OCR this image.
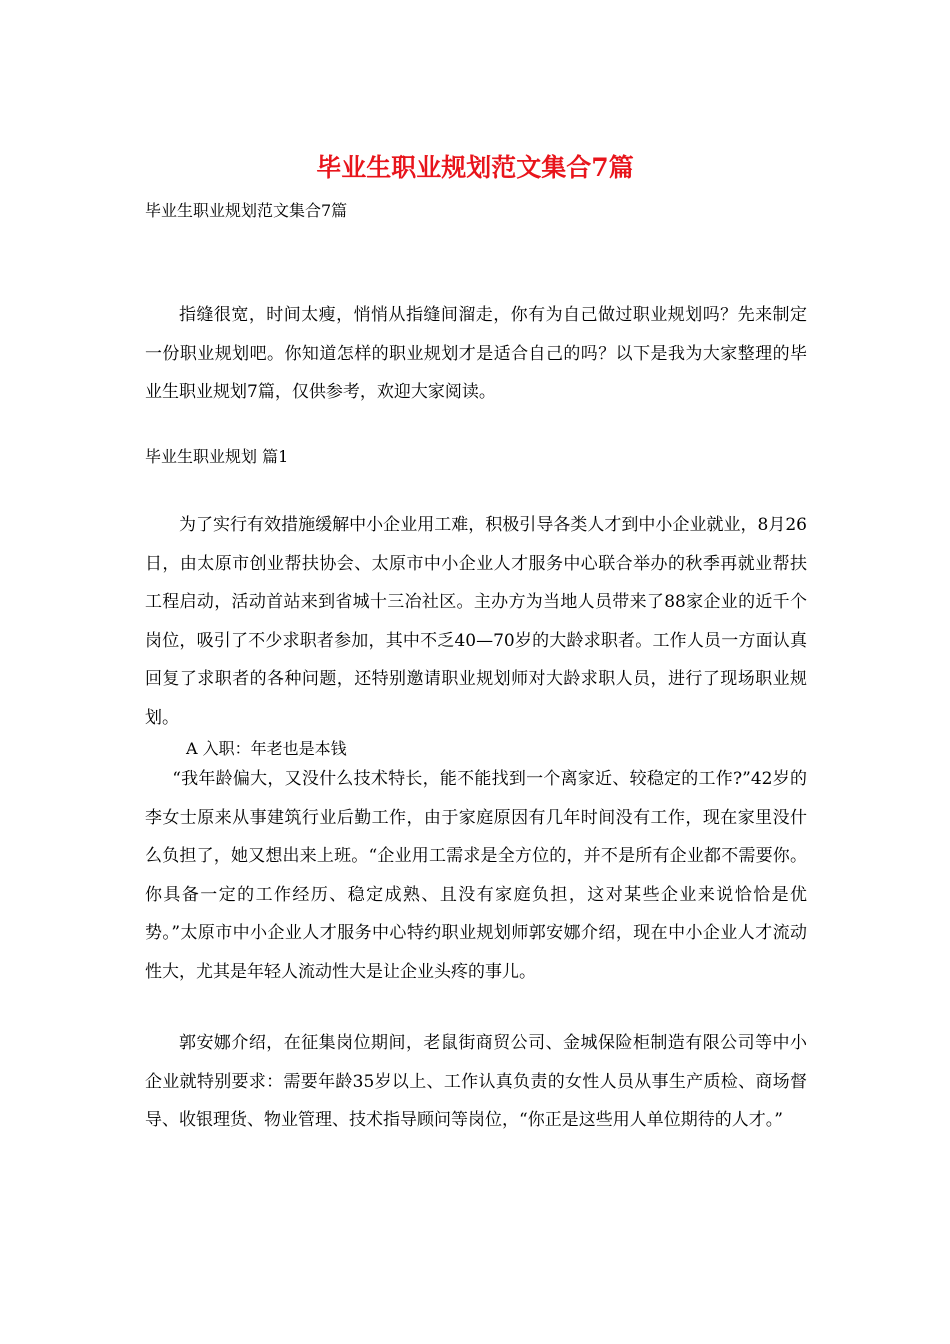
毕业生职业规划范文集合7篇

毕业生职业规划范文集合7篇

指缝很宽，时间太瘦，悄悄从指缝间溜走，你有为自己做过职业规划吗？先来制定一份职业规划吧。你知道怎样的职业规划才是适合自己的吗？以下是我为大家整理的毕业生职业规划7篇，仅供参考，欢迎大家阅读。

毕业生职业规划 篇1

为了实行有效措施缓解中小企业用工难，积极引导各类人才到中小企业就业，8月26日，由太原市创业帮扶协会、太原市中小企业人才服务中心联合举办的秋季再就业帮扶工程启动，活动首站来到省城十三冶社区。主办方为当地人员带来了88家企业的近千个岗位，吸引了不少求职者参加，其中不乏40—70岁的大龄求职者。工作人员一方面认真回复了求职者的各种问题，还特别邀请职业规划师对大龄求职人员，进行了现场职业规划。

A 入职：年老也是本钱

“我年龄偏大，又没什么技术特长，能不能找到一个离家近、较稳定的工作?”42岁的李女士原来从事建筑行业后勤工作，由于家庭原因有几年时间没有工作，现在家里没什么负担了，她又想出来上班。“企业用工需求是全方位的，并不是所有企业都不需要你。你具备一定的工作经历、稳定成熟、且没有家庭负担，这对某些企业来说恰恰是优势。”太原市中小企业人才服务中心特约职业规划师郭安娜介绍，现在中小企业人才流动性大，尤其是年轻人流动性大是让企业头疼的事儿。

郭安娜介绍，在征集岗位期间，老鼠街商贸公司、金城保险柜制造有限公司等中小企业就特别要求：需要年龄35岁以上、工作认真负责的女性人员从事生产质检、商场督导、收银理货、物业管理、技术指导顾问等岗位，“你正是这些用人单位期待的人才。”
